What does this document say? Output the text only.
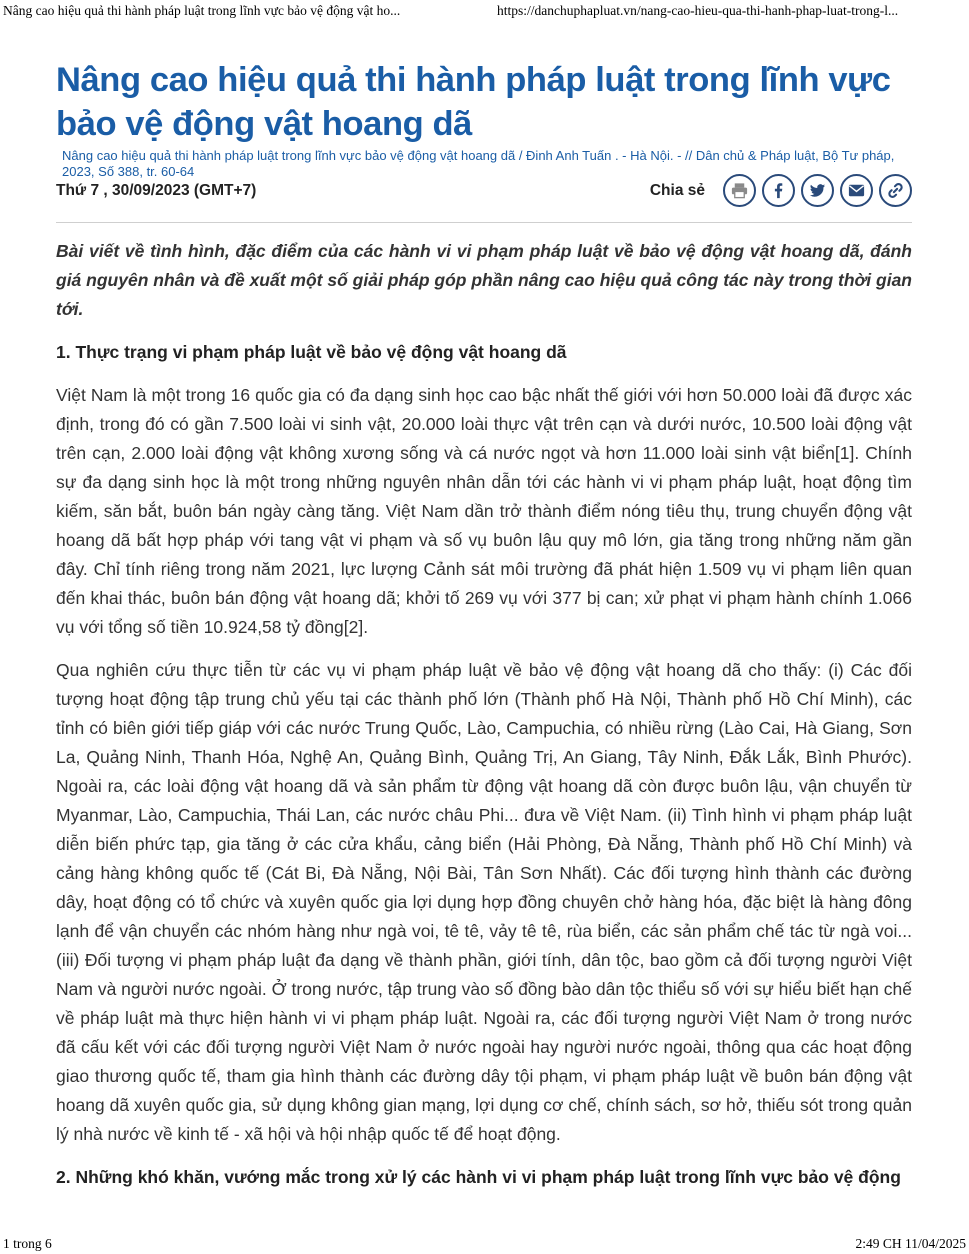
Nâng cao hiệu quả thi hành pháp luật trong lĩnh vực bảo vệ động vật ho...	https://danchuphapluat.vn/nang-cao-hieu-qua-thi-hanh-phap-luat-trong-l...
Nâng cao hiệu quả thi hành pháp luật trong lĩnh vực bảo vệ động vật hoang dã
Nâng cao hiệu quả thi hành pháp luật trong lĩnh vực bảo vệ động vật hoang dã / Đinh Anh Tuấn . - Hà Nội. - // Dân chủ & Pháp luật, Bộ Tư pháp, 2023, Số 388, tr. 60-64
Thứ 7 , 30/09/2023 (GMT+7)	Chia sẻ

Bài viết về tình hình, đặc điểm của các hành vi vi phạm pháp luật về bảo vệ động vật hoang dã, đánh giá nguyên nhân và đề xuất một số giải pháp góp phần nâng cao hiệu quả công tác này trong thời gian tới.

1. Thực trạng vi phạm pháp luật về bảo vệ động vật hoang dã

Việt Nam là một trong 16 quốc gia có đa dạng sinh học cao bậc nhất thế giới với hơn 50.000 loài đã được xác định, trong đó có gần 7.500 loài vi sinh vật, 20.000 loài thực vật trên cạn và dưới nước, 10.500 loài động vật trên cạn, 2.000 loài động vật không xương sống và cá nước ngọt và hơn 11.000 loài sinh vật biển[1]. Chính sự đa dạng sinh học là một trong những nguyên nhân dẫn tới các hành vi vi phạm pháp luật, hoạt động tìm kiếm, săn bắt, buôn bán ngày càng tăng. Việt Nam dần trở thành điểm nóng tiêu thụ, trung chuyển động vật hoang dã bất hợp pháp với tang vật vi phạm và số vụ buôn lậu quy mô lớn, gia tăng trong những năm gần đây. Chỉ tính riêng trong năm 2021, lực lượng Cảnh sát môi trường đã phát hiện 1.509 vụ vi phạm liên quan đến khai thác, buôn bán động vật hoang dã; khởi tố 269 vụ với 377 bị can; xử phạt vi phạm hành chính 1.066 vụ với tổng số tiền 10.924,58 tỷ đồng[2].

Qua nghiên cứu thực tiễn từ các vụ vi phạm pháp luật về bảo vệ động vật hoang dã cho thấy: (i) Các đối tượng hoạt động tập trung chủ yếu tại các thành phố lớn (Thành phố Hà Nội, Thành phố Hồ Chí Minh), các tỉnh có biên giới tiếp giáp với các nước Trung Quốc, Lào, Campuchia, có nhiều rừng (Lào Cai, Hà Giang, Sơn La, Quảng Ninh, Thanh Hóa, Nghệ An, Quảng Bình, Quảng Trị, An Giang, Tây Ninh, Đắk Lắk, Bình Phước). Ngoài ra, các loài động vật hoang dã và sản phẩm từ động vật hoang dã còn được buôn lậu, vận chuyển từ Myanmar, Lào, Campuchia, Thái Lan, các nước châu Phi... đưa về Việt Nam. (ii) Tình hình vi phạm pháp luật diễn biến phức tạp, gia tăng ở các cửa khẩu, cảng biển (Hải Phòng, Đà Nẵng, Thành phố Hồ Chí Minh) và cảng hàng không quốc tế (Cát Bi, Đà Nẵng, Nội Bài, Tân Sơn Nhất). Các đối tượng hình thành các đường dây, hoạt động có tổ chức và xuyên quốc gia lợi dụng hợp đồng chuyên chở hàng hóa, đặc biệt là hàng đông lạnh để vận chuyển các nhóm hàng như ngà voi, tê tê, vảy tê tê, rùa biển, các sản phẩm chế tác từ ngà voi... (iii) Đối tượng vi phạm pháp luật đa dạng về thành phần, giới tính, dân tộc, bao gồm cả đối tượng người Việt Nam và người nước ngoài. Ở trong nước, tập trung vào số đồng bào dân tộc thiểu số với sự hiểu biết hạn chế về pháp luật mà thực hiện hành vi vi phạm pháp luật. Ngoài ra, các đối tượng người Việt Nam ở trong nước đã cấu kết với các đối tượng người Việt Nam ở nước ngoài hay người nước ngoài, thông qua các hoạt động giao thương quốc tế, tham gia hình thành các đường dây tội phạm, vi phạm pháp luật về buôn bán động vật hoang dã xuyên quốc gia, sử dụng không gian mạng, lợi dụng cơ chế, chính sách, sơ hở, thiếu sót trong quản lý nhà nước về kinh tế - xã hội và hội nhập quốc tế để hoạt động.

2. Những khó khăn, vướng mắc trong xử lý các hành vi vi phạm pháp luật trong lĩnh vực bảo vệ động
1 trong 6	2:49 CH 11/04/2025
